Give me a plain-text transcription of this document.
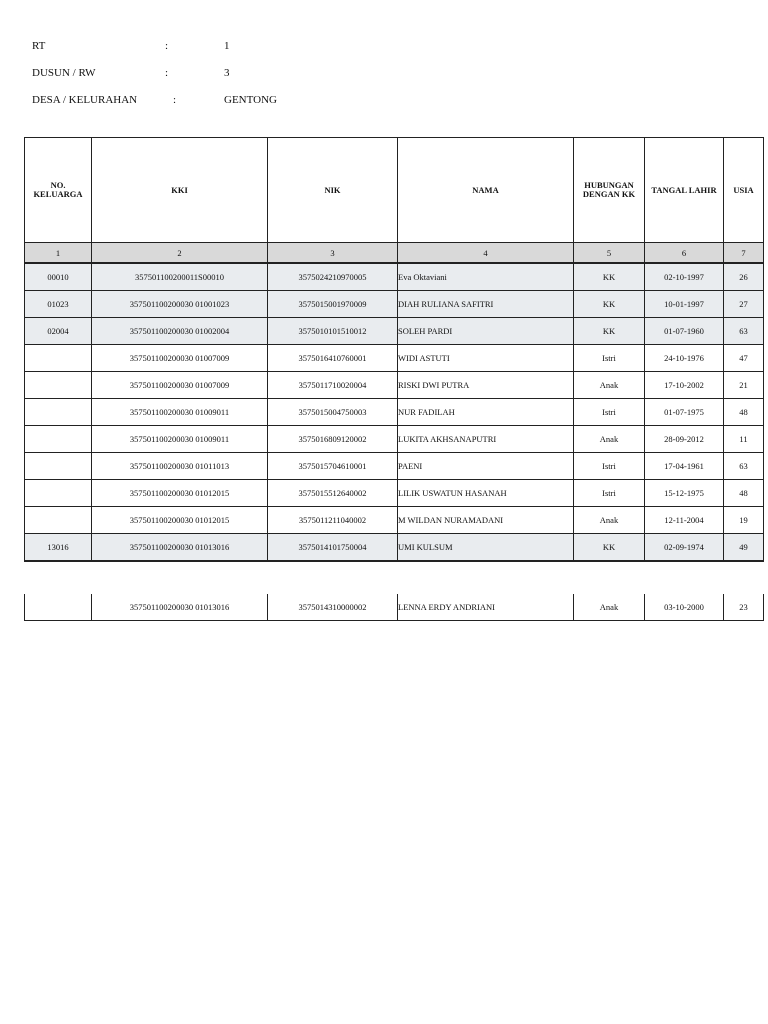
RT	:	1
DUSUN / RW	:	3
DESA / KELURAHAN	:	GENTONG
NO. KELUARGA	KKI	NIK	NAMA	HUBUNGAN DENGAN KK	TANGAL LAHIR	USIA
1	2	3	4	5	6	7
00010	357501100200011S00010	3575024210970005	Eva Oktaviani	KK	02-10-1997	26
01023	357501100200030 01001023	3575015001970009	DIAH RULIANA SAFITRI	KK	10-01-1997	27
02004	357501100200030 01002004	3575010101510012	SOLEH PARDI	KK	01-07-1960	63
	357501100200030 01007009	3575016410760001	WIDI ASTUTI	Istri	24-10-1976	47
	357501100200030 01007009	3575011710020004	RISKI DWI PUTRA	Anak	17-10-2002	21
	357501100200030 01009011	3575015004750003	NUR FADILAH	Istri	01-07-1975	48
	357501100200030 01009011	3575016809120002	LUKITA AKHSANAPUTRI	Anak	28-09-2012	11
	357501100200030 01011013	3575015704610001	PAENI	Istri	17-04-1961	63
	357501100200030 01012015	3575015512640002	LILIK USWATUN HASANAH	Istri	15-12-1975	48
	357501100200030 01012015	3575011211040002	M WILDAN NURAMADANI	Anak	12-11-2004	19
13016	357501100200030 01013016	3575014101750004	UMI KULSUM	KK	02-09-1974	49
	357501100200030 01013016	3575014310000002	LENNA ERDY ANDRIANI	Anak	03-10-2000	23
